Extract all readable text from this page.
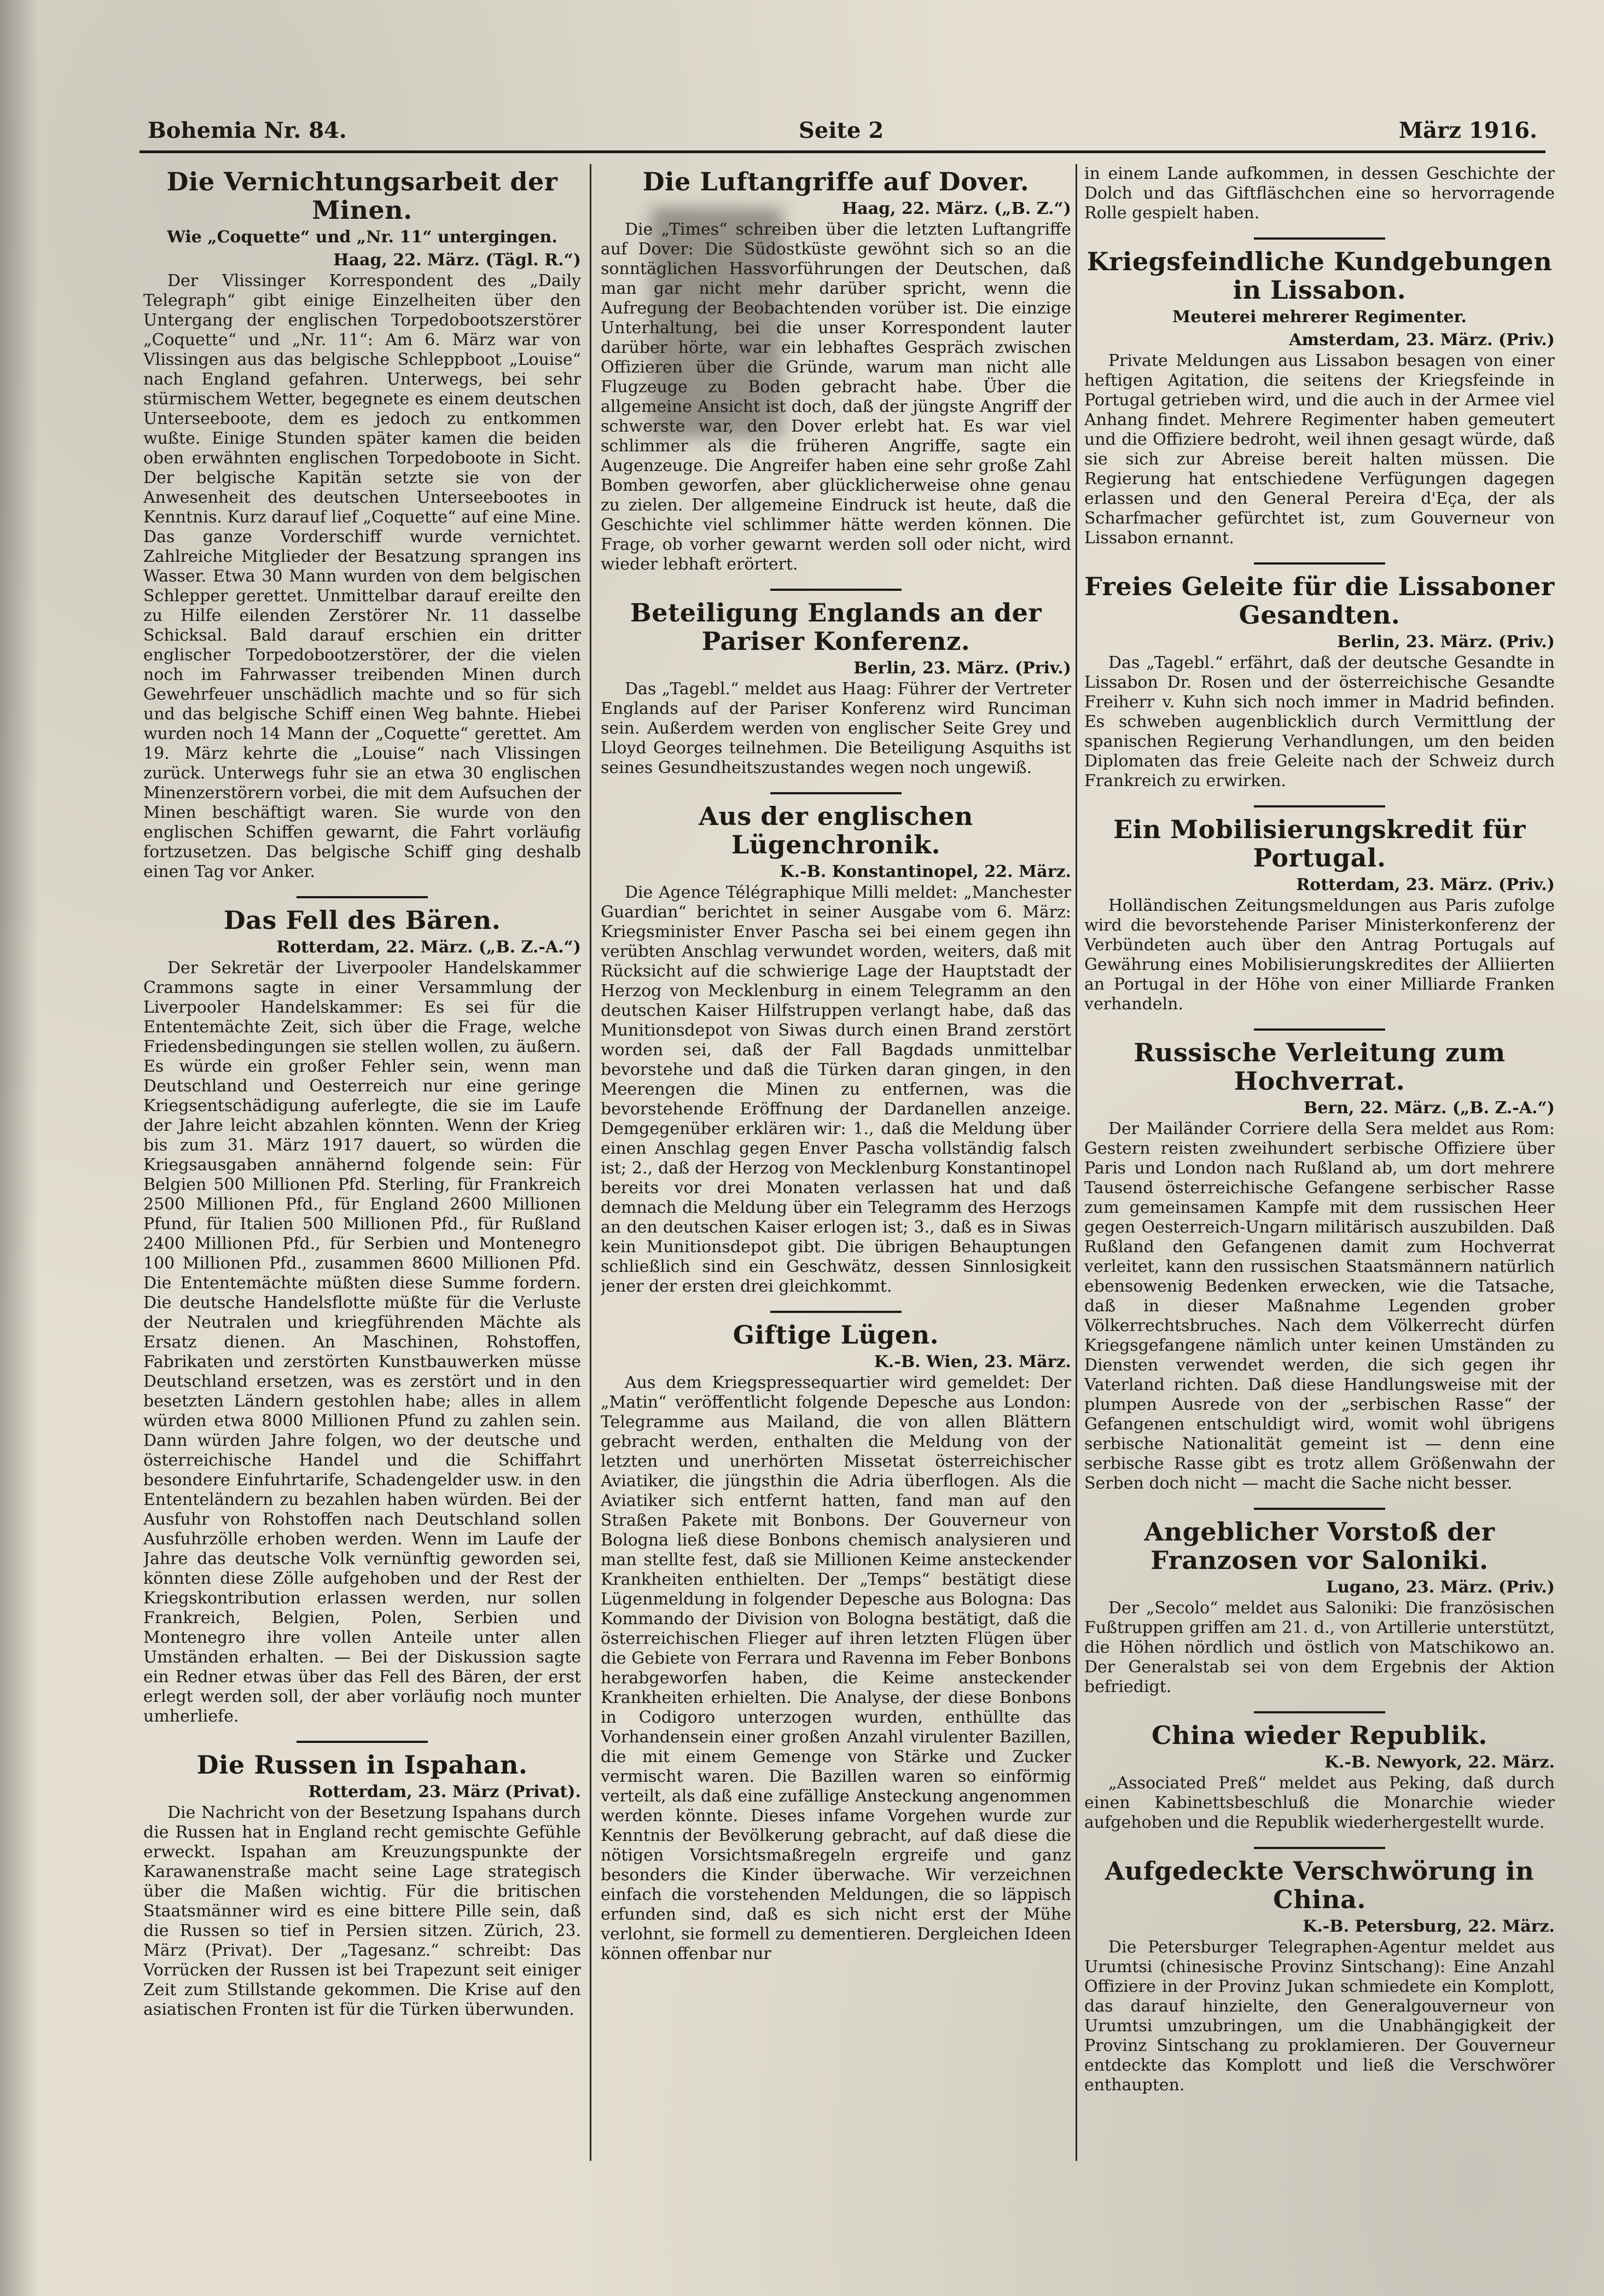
Bohemia Nr. 84.	Seite 2	März 1916.
Die Vernichtungsarbeit der Minen.
Wie „Coquette“ und „Nr. 11“ untergingen.
Haag, 22. März. (Tägl. R.“)

Der Vlissinger Korrespondent des „Daily Telegraph“ gibt einige Einzelheiten über den Untergang der englischen Torpedobootszerstörer „Coquette“ und „Nr. 11“: Am 6. März war von Vlissingen aus das belgische Schleppboot „Louise“ nach England gefahren. Unterwegs, bei sehr stürmischem Wetter, begegnete es einem deutschen Unterseeboote, dem es jedoch zu entkommen wußte. Einige Stunden später kamen die beiden oben erwähnten englischen Torpedoboote in Sicht. Der belgische Kapitän setzte sie von der Anwesenheit des deutschen Unterseebootes in Kenntnis. Kurz darauf lief „Coquette“ auf eine Mine. Das ganze Vorderschiff wurde vernichtet. Zahlreiche Mitglieder der Besatzung sprangen ins Wasser. Etwa 30 Mann wurden von dem belgischen Schlepper gerettet. Unmittelbar darauf ereilte den zu Hilfe eilenden Zerstörer Nr. 11 dasselbe Schicksal. Bald darauf erschien ein dritter englischer Torpedobootzerstörer, der die vielen noch im Fahrwasser treibenden Minen durch Gewehrfeuer unschädlich machte und so für sich und das belgische Schiff einen Weg bahnte. Hiebei wurden noch 14 Mann der „Coquette“ gerettet. Am 19. März kehrte die „Louise“ nach Vlissingen zurück. Unterwegs fuhr sie an etwa 30 englischen Minenzerstörern vorbei, die mit dem Aufsuchen der Minen beschäftigt waren. Sie wurde von den englischen Schiffen gewarnt, die Fahrt vorläufig fortzusetzen. Das belgische Schiff ging deshalb einen Tag vor Anker.

Das Fell des Bären.
Rotterdam, 22. März. („B. Z.-A.“)

Der Sekretär der Liverpooler Handelskammer Crammons sagte in einer Versammlung der Liverpooler Handelskammer: Es sei für die Ententemächte Zeit, sich über die Frage, welche Friedensbedingungen sie stellen wollen, zu äußern. Es würde ein großer Fehler sein, wenn man Deutschland und Oesterreich nur eine geringe Kriegsentschädigung auferlegte, die sie im Laufe der Jahre leicht abzahlen könnten. Wenn der Krieg bis zum 31. März 1917 dauert, so würden die Kriegsausgaben annähernd folgende sein: Für Belgien 500 Millionen Pfd. Sterling, für Frankreich 2500 Millionen Pfd., für England 2600 Millionen Pfund, für Italien 500 Millionen Pfd., für Rußland 2400 Millionen Pfd., für Serbien und Montenegro 100 Millionen Pfd., zusammen 8600 Millionen Pfd. Die Ententemächte müßten diese Summe fordern. Die deutsche Handelsflotte müßte für die Verluste der Neutralen und kriegführenden Mächte als Ersatz dienen. An Maschinen, Rohstoffen, Fabrikaten und zerstörten Kunstbauwerken müsse Deutschland ersetzen, was es zerstört und in den besetzten Ländern gestohlen habe; alles in allem würden etwa 8000 Millionen Pfund zu zahlen sein. Dann würden Jahre folgen, wo der deutsche und österreichische Handel und die Schiffahrt besondere Einfuhrtarife, Schadengelder usw. in den Ententeländern zu bezahlen haben würden. Bei der Ausfuhr von Rohstoffen nach Deutschland sollen Ausfuhrzölle erhoben werden. Wenn im Laufe der Jahre das deutsche Volk vernünftig geworden sei, könnten diese Zölle aufgehoben und der Rest der Kriegskontribution erlassen werden, nur sollen Frankreich, Belgien, Polen, Serbien und Montenegro ihre vollen Anteile unter allen Umständen erhalten. — Bei der Diskussion sagte ein Redner etwas über das Fell des Bären, der erst erlegt werden soll, der aber vorläufig noch munter umherliefe.

Die Russen in Ispahan.
Rotterdam, 23. März (Privat).

Die Nachricht von der Besetzung Ispahans durch die Russen hat in England recht gemischte Gefühle erweckt. Ispahan am Kreuzungspunkte der Karawanenstraße macht seine Lage strategisch über die Maßen wichtig. Für die britischen Staatsmänner wird es eine bittere Pille sein, daß die Russen so tief in Persien sitzen. Zürich, 23. März (Privat). Der „Tagesanz.“ schreibt: Das Vorrücken der Russen ist bei Trapezunt seit einiger Zeit zum Stillstande gekommen. Die Krise auf den asiatischen Fronten ist für die Türken überwunden.

Die Luftangriffe auf Dover.
Haag, 22. März. („B. Z.“)

Die „Times“ schreiben über die letzten Luftangriffe auf Dover: Die Südostküste gewöhnt sich so an die sonntäglichen Hassvorführungen der Deutschen, daß man gar nicht mehr darüber spricht, wenn die Aufregung der Beobachtenden vorüber ist. Die einzige Unterhaltung, bei die unser Korrespondent lauter darüber hörte, war ein lebhaftes Gespräch zwischen Offizieren über die Gründe, warum man nicht alle Flugzeuge zu Boden gebracht habe. Über die allgemeine Ansicht ist doch, daß der jüngste Angriff der schwerste war, den Dover erlebt hat. Es war viel schlimmer als die früheren Angriffe, sagte ein Augenzeuge. Die Angreifer haben eine sehr große Zahl Bomben geworfen, aber glücklicherweise ohne genau zu zielen. Der allgemeine Eindruck ist heute, daß die Geschichte viel schlimmer hätte werden können. Die Frage, ob vorher gewarnt werden soll oder nicht, wird wieder lebhaft erörtert.

Beteiligung Englands an der Pariser Konferenz.
Berlin, 23. März. (Priv.)

Das „Tagebl.“ meldet aus Haag: Führer der Vertreter Englands auf der Pariser Konferenz wird Runciman sein. Außerdem werden von englischer Seite Grey und Lloyd Georges teilnehmen. Die Beteiligung Asquiths ist seines Gesundheitszustandes wegen noch ungewiß.

Aus der englischen Lügenchronik.
K.-B. Konstantinopel, 22. März.

Die Agence Télégraphique Milli meldet: „Manchester Guardian“ berichtet in seiner Ausgabe vom 6. März: Kriegsminister Enver Pascha sei bei einem gegen ihn verübten Anschlag verwundet worden, weiters, daß mit Rücksicht auf die schwierige Lage der Hauptstadt der Herzog von Mecklenburg in einem Telegramm an den deutschen Kaiser Hilfstruppen verlangt habe, daß das Munitionsdepot von Siwas durch einen Brand zerstört worden sei, daß der Fall Bagdads unmittelbar bevorstehe und daß die Türken daran gingen, in den Meerengen die Minen zu entfernen, was die bevorstehende Eröffnung der Dardanellen anzeige. Demgegenüber erklären wir: 1., daß die Meldung über einen Anschlag gegen Enver Pascha vollständig falsch ist; 2., daß der Herzog von Mecklenburg Konstantinopel bereits vor drei Monaten verlassen hat und daß demnach die Meldung über ein Telegramm des Herzogs an den deutschen Kaiser erlogen ist; 3., daß es in Siwas kein Munitionsdepot gibt. Die übrigen Behauptungen schließlich sind ein Geschwätz, dessen Sinnlosigkeit jener der ersten drei gleichkommt.

Giftige Lügen.
K.-B. Wien, 23. März.

Aus dem Kriegspressequartier wird gemeldet: Der „Matin“ veröffentlicht folgende Depesche aus London: Telegramme aus Mailand, die von allen Blättern gebracht werden, enthalten die Meldung von der letzten und unerhörten Missetat österreichischer Aviatiker, die jüngsthin die Adria überflogen. Als die Aviatiker sich entfernt hatten, fand man auf den Straßen Pakete mit Bonbons. Der Gouverneur von Bologna ließ diese Bonbons chemisch analysieren und man stellte fest, daß sie Millionen Keime ansteckender Krankheiten enthielten. Der „Temps“ bestätigt diese Lügenmeldung in folgender Depesche aus Bologna: Das Kommando der Division von Bologna bestätigt, daß die österreichischen Flieger auf ihren letzten Flügen über die Gebiete von Ferrara und Ravenna im Feber Bonbons herabgeworfen haben, die Keime ansteckender Krankheiten erhielten. Die Analyse, der diese Bonbons in Codigoro unterzogen wurden, enthüllte das Vorhandensein einer großen Anzahl virulenter Bazillen, die mit einem Gemenge von Stärke und Zucker vermischt waren. Die Bazillen waren so einförmig verteilt, als daß eine zufällige Ansteckung angenommen werden könnte. Dieses infame Vorgehen wurde zur Kenntnis der Bevölkerung gebracht, auf daß diese die nötigen Vorsichtsmaßregeln ergreife und ganz besonders die Kinder überwache. Wir verzeichnen einfach die vorstehenden Meldungen, die so läppisch erfunden sind, daß es sich nicht erst der Mühe verlohnt, sie formell zu dementieren. Dergleichen Ideen können offenbar nur

in einem Lande aufkommen, in dessen Geschichte der Dolch und das Giftfläschchen eine so hervorragende Rolle gespielt haben.

Kriegsfeindliche Kundgebungen in Lissabon.
Meuterei mehrerer Regimenter.
Amsterdam, 23. März. (Priv.)

Private Meldungen aus Lissabon besagen von einer heftigen Agitation, die seitens der Kriegsfeinde in Portugal getrieben wird, und die auch in der Armee viel Anhang findet. Mehrere Regimenter haben gemeutert und die Offiziere bedroht, weil ihnen gesagt würde, daß sie sich zur Abreise bereit halten müssen. Die Regierung hat entschiedene Verfügungen dagegen erlassen und den General Pereira d'Eça, der als Scharfmacher gefürchtet ist, zum Gouverneur von Lissabon ernannt.

Freies Geleite für die Lissaboner Gesandten.
Berlin, 23. März. (Priv.)

Das „Tagebl.“ erfährt, daß der deutsche Gesandte in Lissabon Dr. Rosen und der österreichische Gesandte Freiherr v. Kuhn sich noch immer in Madrid befinden. Es schweben augenblicklich durch Vermittlung der spanischen Regierung Verhandlungen, um den beiden Diplomaten das freie Geleite nach der Schweiz durch Frankreich zu erwirken.

Ein Mobilisierungskredit für Portugal.
Rotterdam, 23. März. (Priv.)

Holländischen Zeitungsmeldungen aus Paris zufolge wird die bevorstehende Pariser Ministerkonferenz der Verbündeten auch über den Antrag Portugals auf Gewährung eines Mobilisierungskredites der Alliierten an Portugal in der Höhe von einer Milliarde Franken verhandeln.

Russische Verleitung zum Hochverrat.
Bern, 22. März. („B. Z.-A.“)

Der Mailänder Corriere della Sera meldet aus Rom: Gestern reisten zweihundert serbische Offiziere über Paris und London nach Rußland ab, um dort mehrere Tausend österreichische Gefangene serbischer Rasse zum gemeinsamen Kampfe mit dem russischen Heer gegen Oesterreich-Ungarn militärisch auszubilden. Daß Rußland den Gefangenen damit zum Hochverrat verleitet, kann den russischen Staatsmännern natürlich ebensowenig Bedenken erwecken, wie die Tatsache, daß in dieser Maßnahme Legenden grober Völkerrechtsbruches. Nach dem Völkerrecht dürfen Kriegsgefangene nämlich unter keinen Umständen zu Diensten verwendet werden, die sich gegen ihr Vaterland richten. Daß diese Handlungsweise mit der plumpen Ausrede von der „serbischen Rasse“ der Gefangenen entschuldigt wird, womit wohl übrigens serbische Nationalität gemeint ist — denn eine serbische Rasse gibt es trotz allem Größenwahn der Serben doch nicht — macht die Sache nicht besser.

Angeblicher Vorstoß der Franzosen vor Saloniki.
Lugano, 23. März. (Priv.)

Der „Secolo“ meldet aus Saloniki: Die französischen Fußtruppen griffen am 21. d., von Artillerie unterstützt, die Höhen nördlich und östlich von Matschikowo an. Der Generalstab sei von dem Ergebnis der Aktion befriedigt.

China wieder Republik.
K.-B. Newyork, 22. März.

„Associated Preß“ meldet aus Peking, daß durch einen Kabinettsbeschluß die Monarchie wieder aufgehoben und die Republik wiederhergestellt wurde.

Aufgedeckte Verschwörung in China.
K.-B. Petersburg, 22. März.

Die Petersburger Telegraphen-Agentur meldet aus Urumtsi (chinesische Provinz Sintschang): Eine Anzahl Offiziere in der Provinz Jukan schmiedete ein Komplott, das darauf hinzielte, den Generalgouverneur von Urumtsi umzubringen, um die Unabhängigkeit der Provinz Sintschang zu proklamieren. Der Gouverneur entdeckte das Komplott und ließ die Verschwörer enthaupten.
